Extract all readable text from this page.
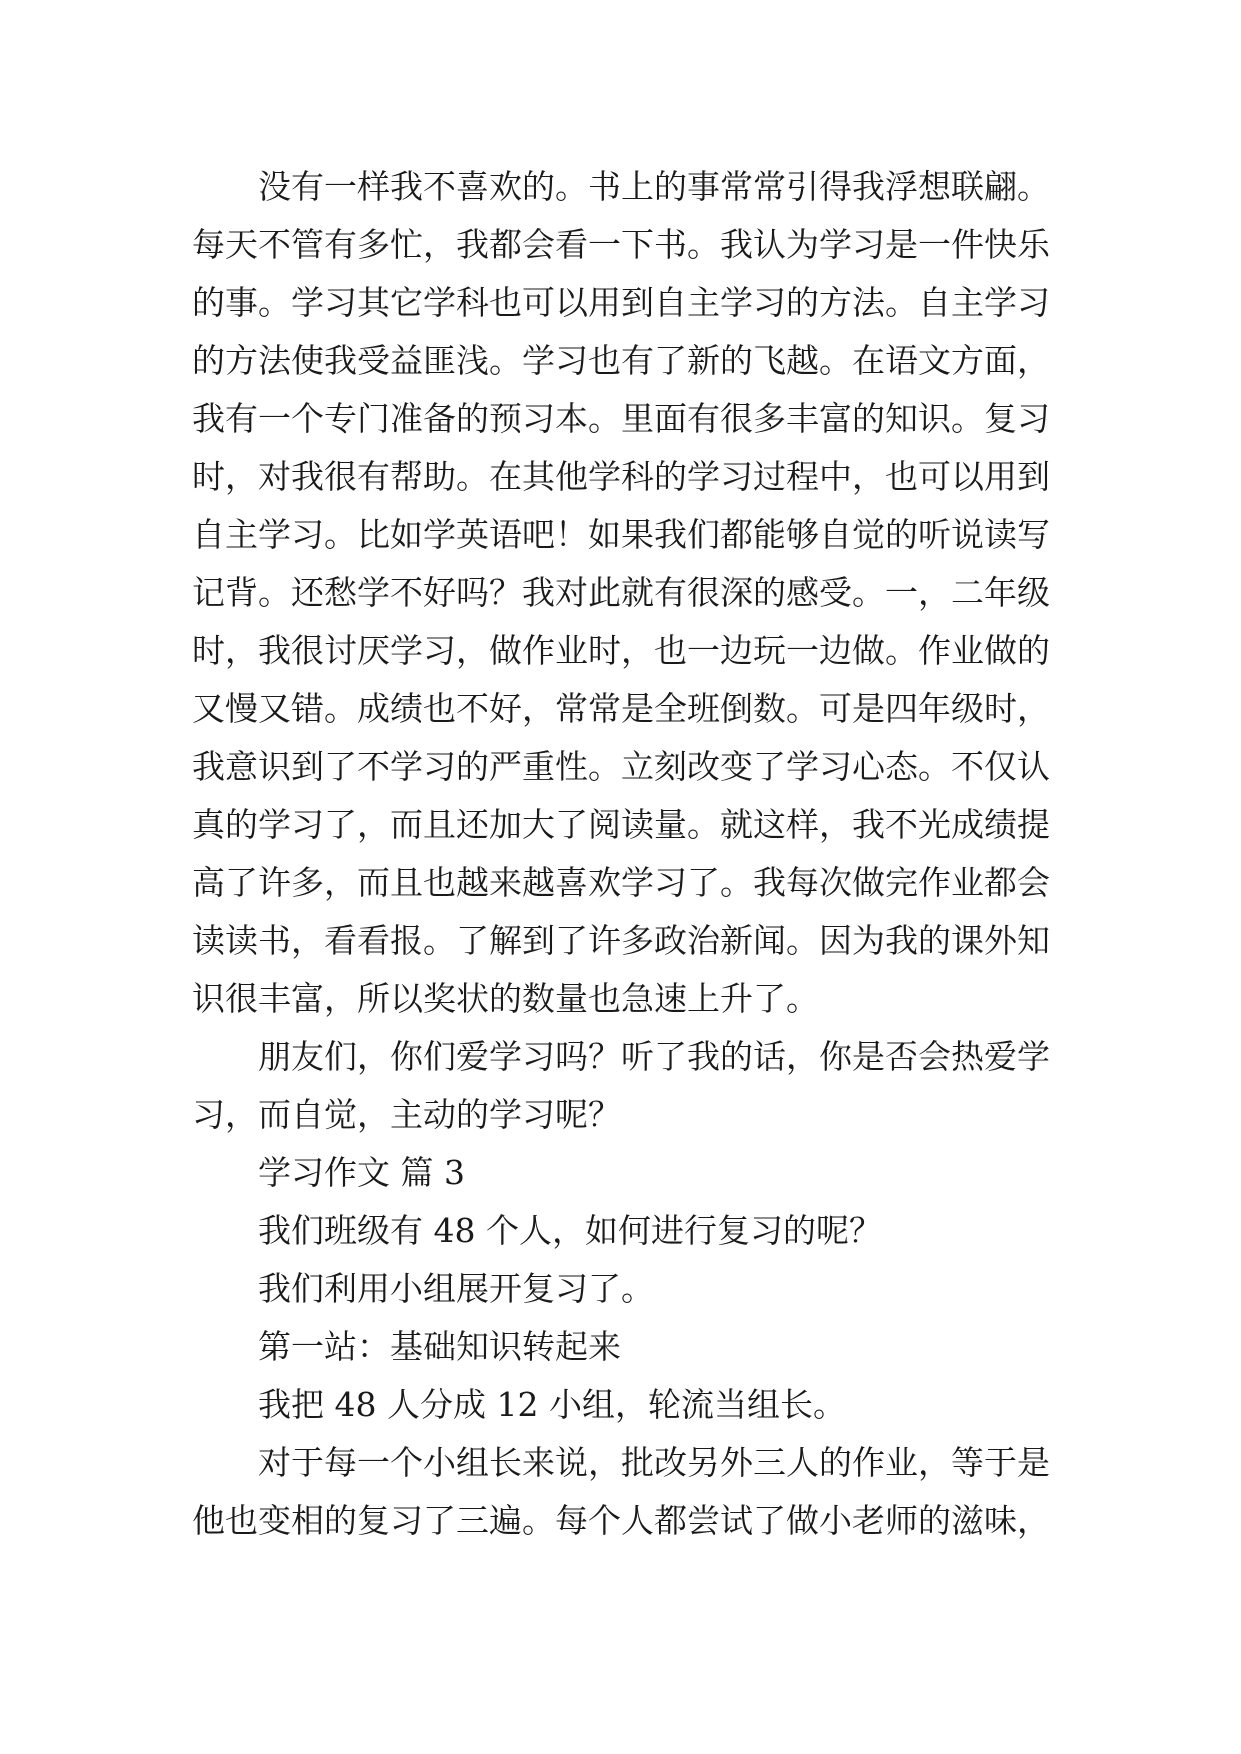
没有一样我不喜欢的。书上的事常常引得我浮想联翩。
每天不管有多忙，我都会看一下书。我认为学习是一件快乐
的事。学习其它学科也可以用到自主学习的方法。自主学习
的方法使我受益匪浅。学习也有了新的飞越。在语文方面，
我有一个专门准备的预习本。里面有很多丰富的知识。复习
时，对我很有帮助。在其他学科的学习过程中，也可以用到
自主学习。比如学英语吧！如果我们都能够自觉的听说读写
记背。还愁学不好吗？我对此就有很深的感受。一，二年级
时，我很讨厌学习，做作业时，也一边玩一边做。作业做的
又慢又错。成绩也不好，常常是全班倒数。可是四年级时，
我意识到了不学习的严重性。立刻改变了学习心态。不仅认
真的学习了，而且还加大了阅读量。就这样，我不光成绩提
高了许多，而且也越来越喜欢学习了。我每次做完作业都会
读读书，看看报。了解到了许多政治新闻。因为我的课外知
识很丰富，所以奖状的数量也急速上升了。
朋友们，你们爱学习吗？听了我的话，你是否会热爱学
习，而自觉，主动的学习呢？
学习作文 篇 3
我们班级有 48 个人，如何进行复习的呢？
我们利用小组展开复习了。
第一站：基础知识转起来
我把 48 人分成 12 小组，轮流当组长。
对于每一个小组长来说，批改另外三人的作业，等于是
他也变相的复习了三遍。每个人都尝试了做小老师的滋味，
